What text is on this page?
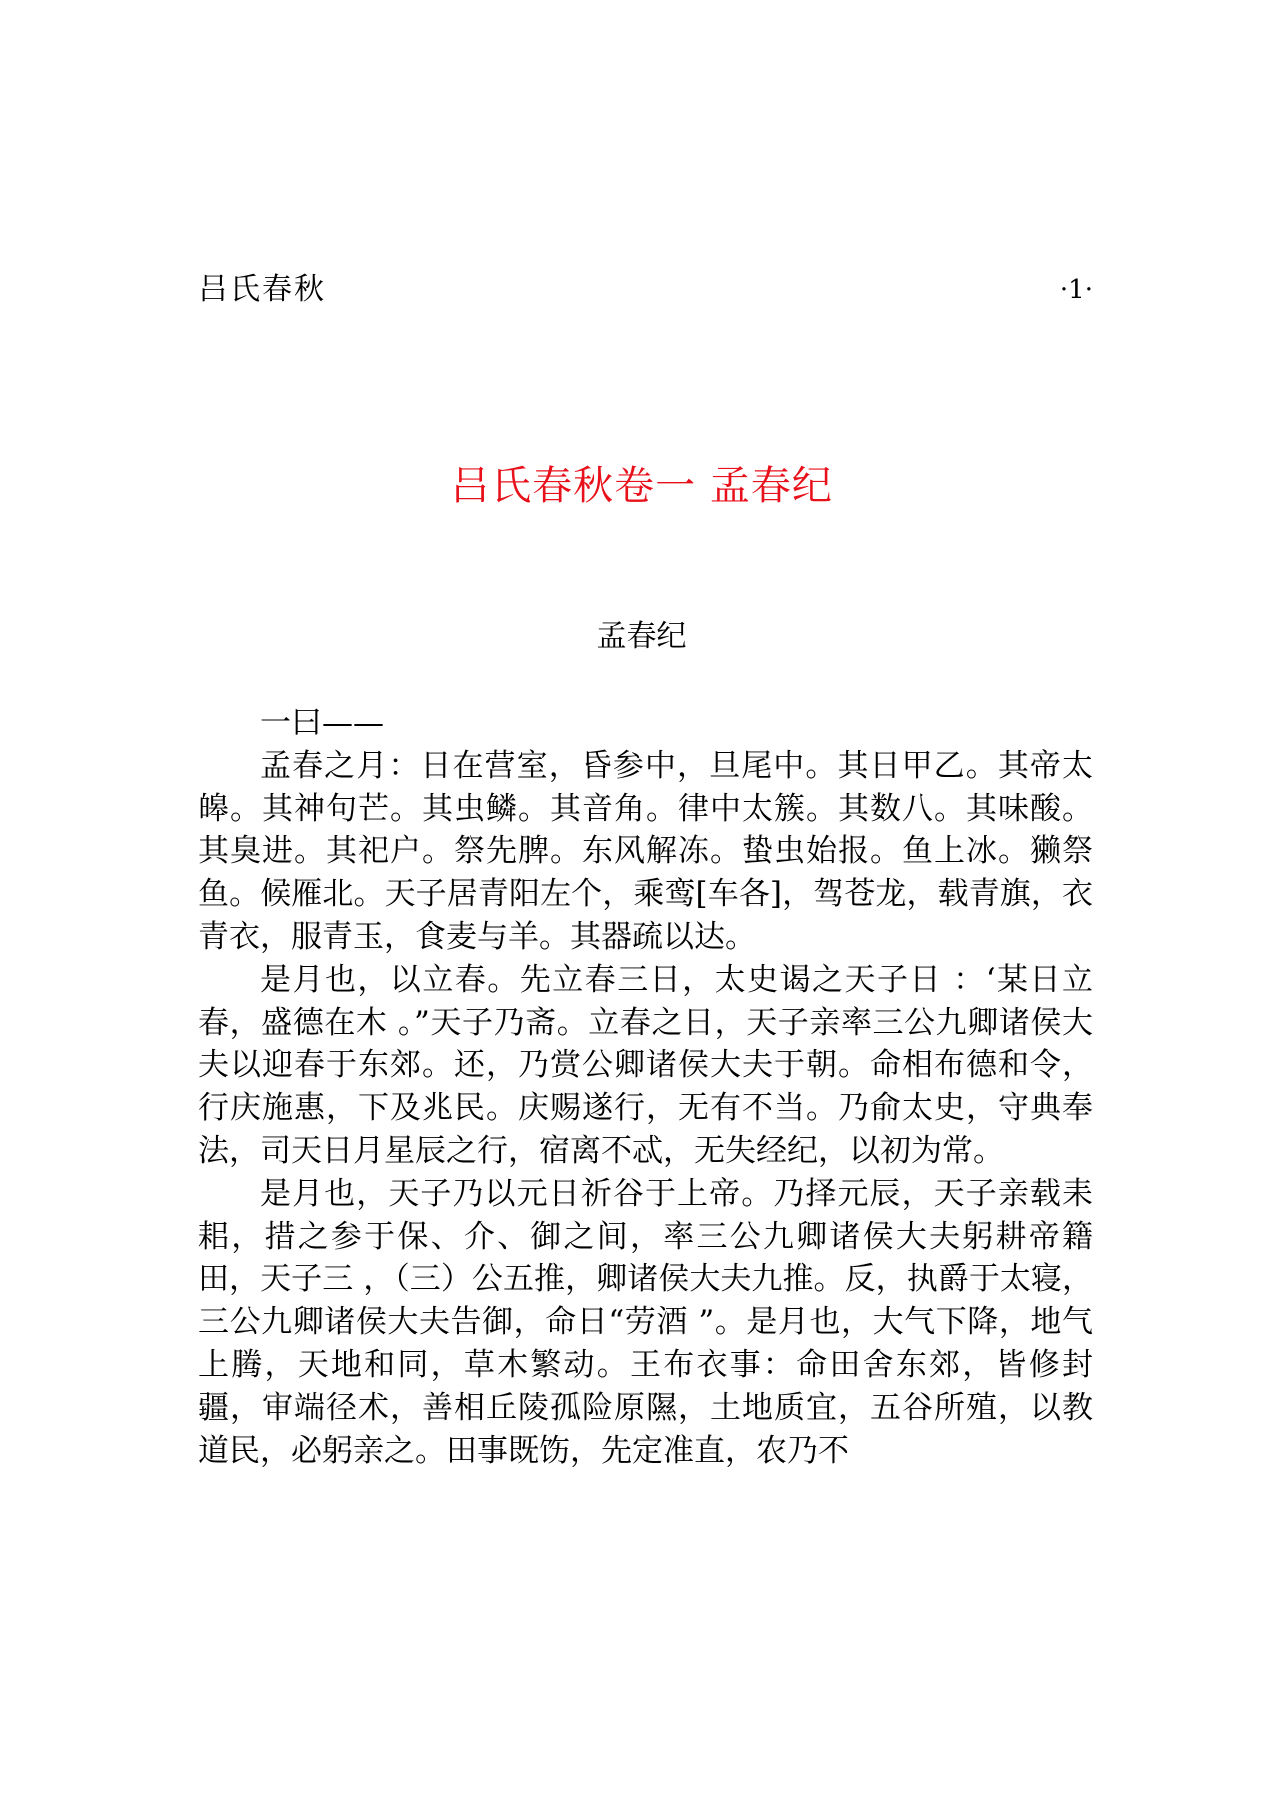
吕氏春秋	·1·
吕氏春秋卷一 孟春纪
孟春纪

一曰——

孟春之月：日在营室，昏参中，旦尾中。其日甲乙。其帝太皞。其神句芒。其虫鳞。其音角。律中太簇。其数八。其味酸。其臭进。其祀户。祭先脾。东风解冻。蛰虫始报。鱼上冰。獭祭鱼。候雁北。天子居青阳左个，乘鸾[车各]，驾苍龙，载青旗，衣青衣，服青玉，食麦与羊。其器疏以达。

是月也，以立春。先立春三日，太史谒之天子日 ：‘某日立春，盛德在木 。”天子乃斋。立春之日，天子亲率三公九卿诸侯大夫以迎春于东郊。还，乃赏公卿诸侯大夫于朝。命相布德和令，行庆施惠，下及兆民。庆赐遂行，无有不当。乃俞太史，守典奉法，司天日月星辰之行，宿离不忒，无失经纪，以初为常。

是月也，天子乃以元日祈谷于上帝。乃择元辰，天子亲载耒耜，措之参于保、介、御之间，率三公九卿诸侯大夫躬耕帝籍田，天子三 ，（三）公五推，卿诸侯大夫九推。反，执爵于太寝，三公九卿诸侯大夫告御，命日“劳酒 ”。是月也，大气下降，地气上腾，天地和同，草木繁动。王布衣事：命田舍东郊，皆修封疆，审端径术，善相丘陵孤险原隰，土地质宜，五谷所殖，以教道民，必躬亲之。田事既饬，先定准直，农乃不
